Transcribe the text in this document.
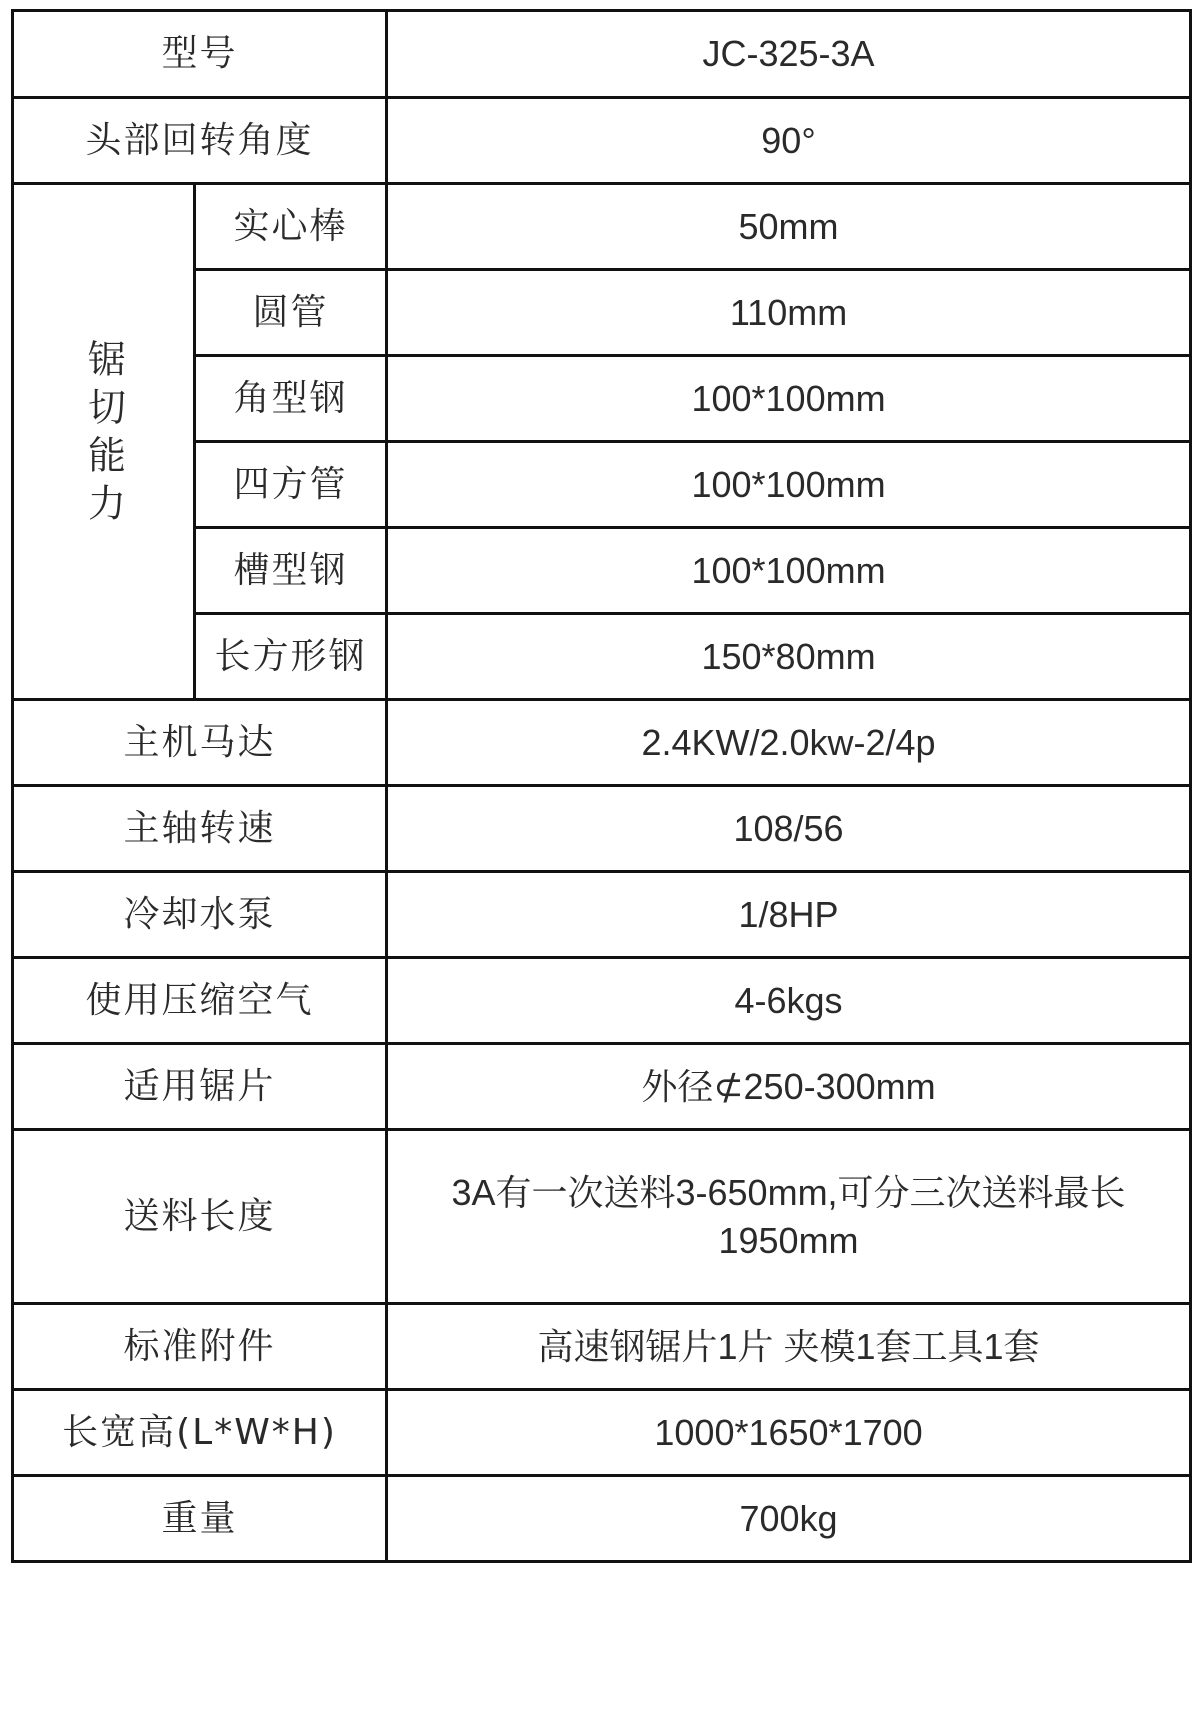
型号		JC-325-3A
头部回转角度		90°
锯切能力	实心棒	50mm
	圆管	110mm
	角型钢	100*100mm
	四方管	100*100mm
	槽型钢	100*100mm
	长方形钢	150*80mm
主机马达		2.4KW/2.0kw-2/4p
主轴转速		108/56
冷却水泵		1/8HP
使用压缩空气		4-6kgs
适用锯片		外径⊄250-300mm
送料长度		3A有一次送料3-650mm,可分三次送料最长1950mm
标准附件		高速钢锯片1片 夹模1套工具1套
长宽高(L*W*H)		1000*1650*1700
重量		700kg
